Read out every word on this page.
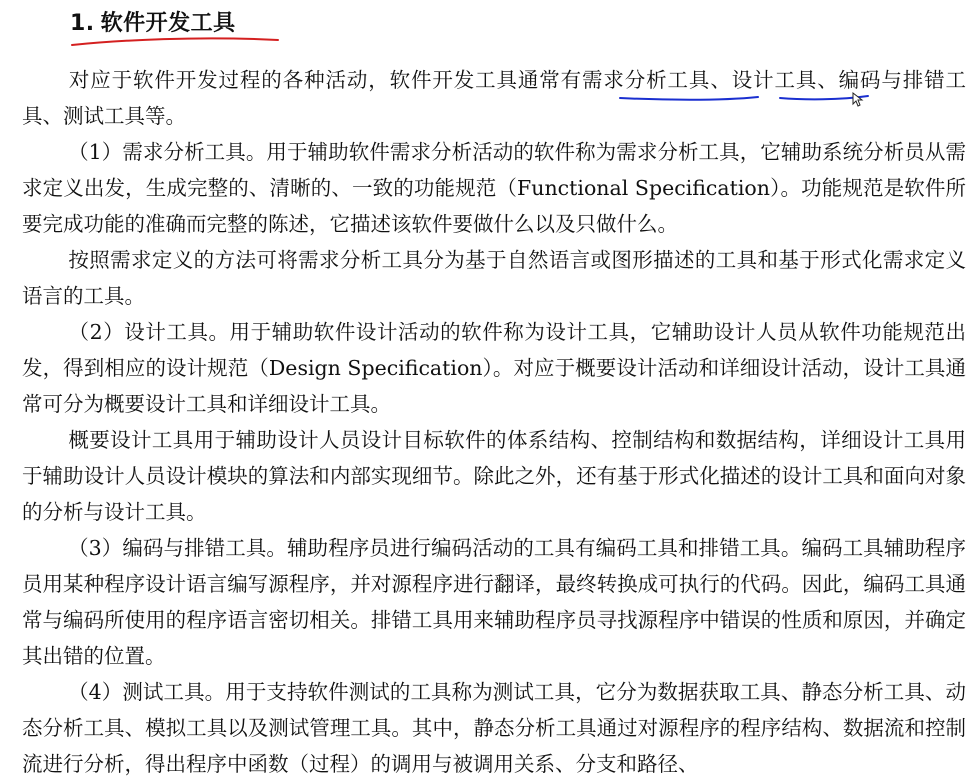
1. 软件开发工具

对应于软件开发过程的各种活动，软件开发工具通常有需求分析工具、设计工具、编码与排错工具、测试工具等。

（1）需求分析工具。用于辅助软件需求分析活动的软件称为需求分析工具，它辅助系统分析员从需求定义出发，生成完整的、清晰的、一致的功能规范（Functional Specification）。功能规范是软件所要完成功能的准确而完整的陈述，它描述该软件要做什么以及只做什么。

按照需求定义的方法可将需求分析工具分为基于自然语言或图形描述的工具和基于形式化需求定义语言的工具。

（2）设计工具。用于辅助软件设计活动的软件称为设计工具，它辅助设计人员从软件功能规范出发，得到相应的设计规范（Design Specification）。对应于概要设计活动和详细设计活动，设计工具通常可分为概要设计工具和详细设计工具。

概要设计工具用于辅助设计人员设计目标软件的体系结构、控制结构和数据结构，详细设计工具用于辅助设计人员设计模块的算法和内部实现细节。除此之外，还有基于形式化描述的设计工具和面向对象的分析与设计工具。

（3）编码与排错工具。辅助程序员进行编码活动的工具有编码工具和排错工具。编码工具辅助程序员用某种程序设计语言编写源程序，并对源程序进行翻译，最终转换成可执行的代码。因此，编码工具通常与编码所使用的程序语言密切相关。排错工具用来辅助程序员寻找源程序中错误的性质和原因，并确定其出错的位置。

（4）测试工具。用于支持软件测试的工具称为测试工具，它分为数据获取工具、静态分析工具、动态分析工具、模拟工具以及测试管理工具。其中，静态分析工具通过对源程序的程序结构、数据流和控制流进行分析，得出程序中函数（过程）的调用与被调用关系、分支和路径、
